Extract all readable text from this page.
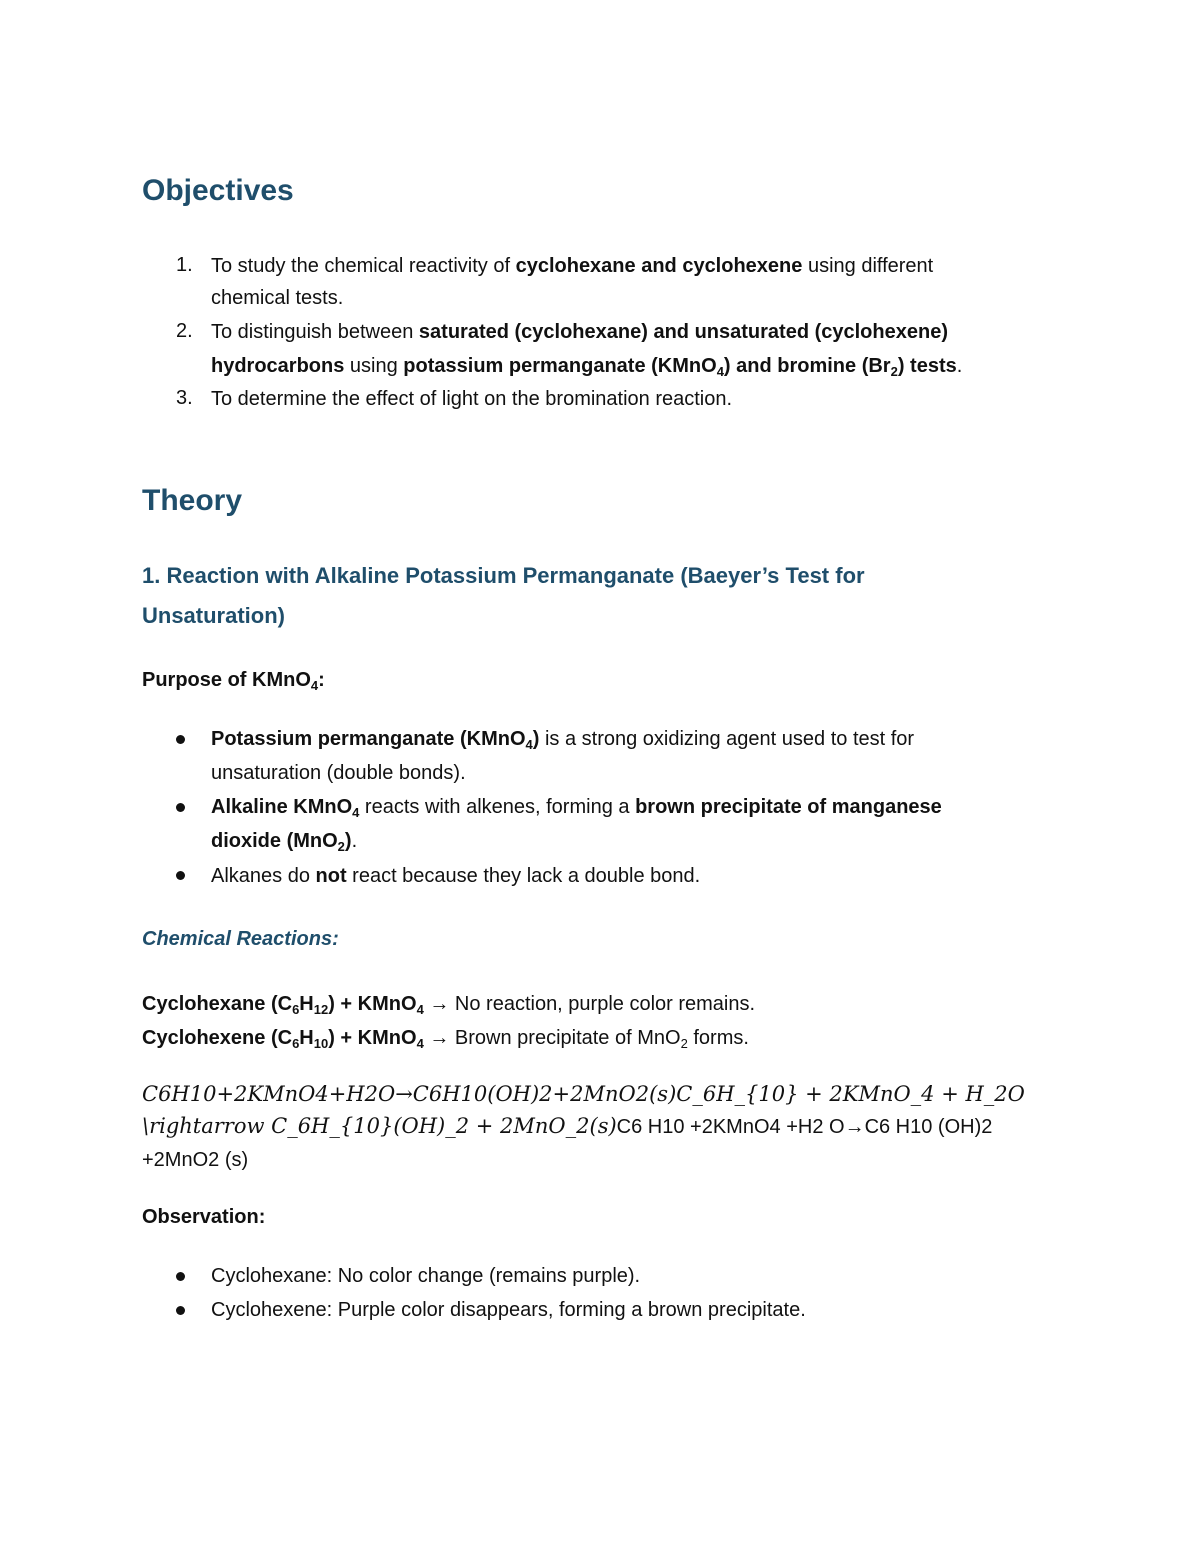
Objectives
1. To study the chemical reactivity of cyclohexane and cyclohexene using different
chemical tests.
2. To distinguish between saturated (cyclohexane) and unsaturated (cyclohexene)
hydrocarbons using potassium permanganate (KMnO$_4$) and bromine $(Br_2)$ tests.
3. To determine the effect of light on the bromination reaction.
Theory
1. Reaction with Alkaline Potassium Permanganate (Baeyer’s Test for
Unsaturation)
Purpose of KMnO$_4$:
Potassium permanganate (KMnO$_4$) is a strong oxidizing agent used to test for
unsaturation (double bonds).
Alkaline KMnO$_4$ reacts with alkenes, forming a brown precipitate of manganese
dioxide (MnO$_2$).
Alkanes do not react because they lack a double bond.
Chemical Reactions:
Cyclohexane $(C_6H_{12})$ + KMnO$_4$ → No reaction, purple color remains.
Cyclohexene $(C_6H_{10})$ + KMnO$_4$ → Brown precipitate of MnO$_2$ forms.
C6H10+2KMnO4+H2O→C6H10(OH)2+2MnO2(s)C_6H_{10} + 2KMnO_4 + H_2O
\rightarrow C_6H_{10}(OH)_2 + 2MnO_2(s)C6 H10 +2KMnO4 +H2 O→C6 H10 (OH)2
+2MnO2 (s)
Observation:
Cyclohexane: No color change (remains purple).
Cyclohexene: Purple color disappears, forming a brown precipitate.
